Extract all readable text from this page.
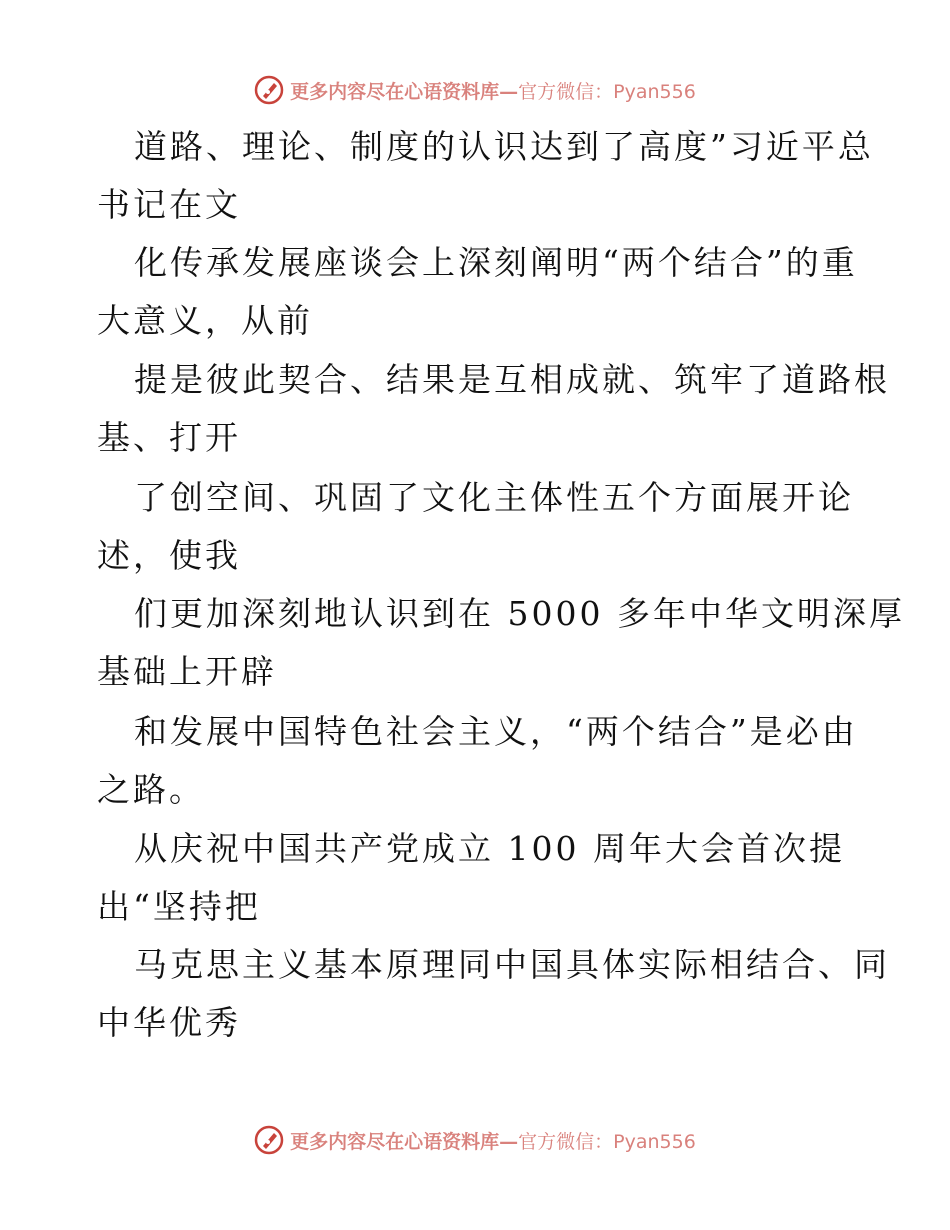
更多内容尽在心语资料库— 官方微信：Pyan556
道路、理论、制度的认识达到了高度”习近平总
书记在文
化传承发展座谈会上深刻阐明“两个结合”的重
大意义，从前
提是彼此契合、结果是互相成就、筑牢了道路根
基、打开
了创空间、巩固了文化主体性五个方面展开论
述，使我
们更加深刻地认识到在 5000 多年中华文明深厚
基础上开辟
和发展中国特色社会主义，“两个结合”是必由
之路。
从庆祝中国共产党成立 100 周年大会首次提
出“坚持把
马克思主义基本原理同中国具体实际相结合、同
中华优秀
更多内容尽在心语资料库— 官方微信：Pyan556
